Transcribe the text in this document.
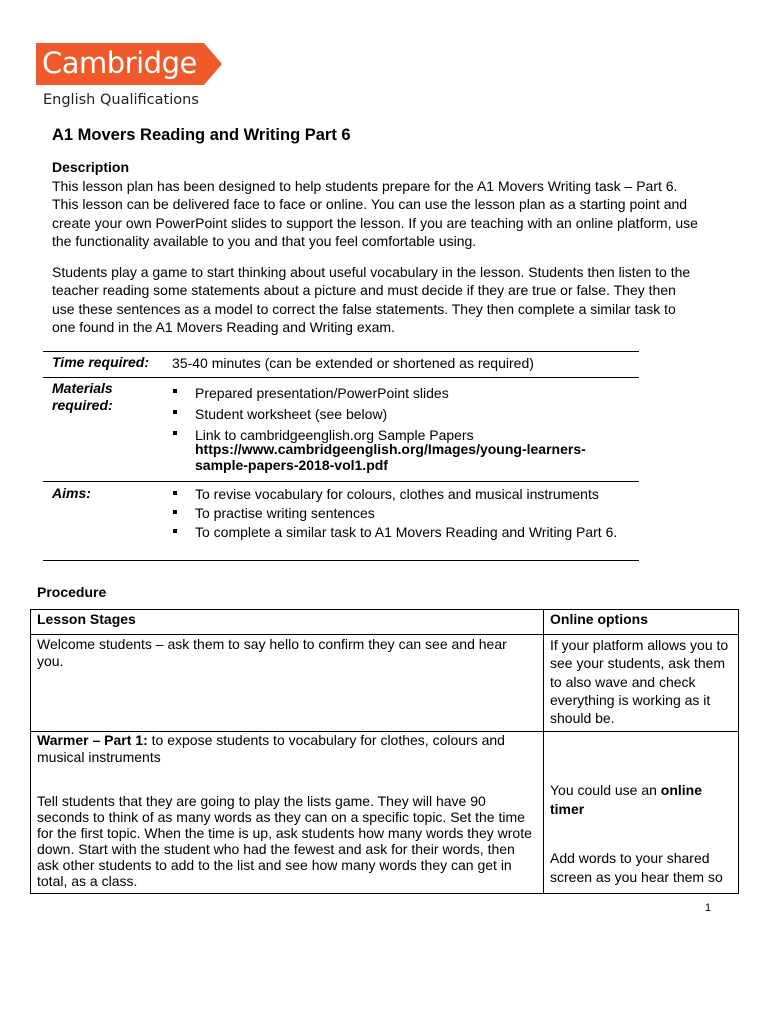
Cambridge
English Qualifications
A1 Movers Reading and Writing Part 6
Description
This lesson plan has been designed to help students prepare for the A1 Movers Writing task – Part 6. This lesson can be delivered face to face or online. You can use the lesson plan as a starting point and create your own PowerPoint slides to support the lesson. If you are teaching with an online platform, use the functionality available to you and that you feel comfortable using.
Students play a game to start thinking about useful vocabulary in the lesson. Students then listen to the teacher reading some statements about a picture and must decide if they are true or false. They then use these sentences as a model to correct the false statements. They then complete a similar task to one found in the A1 Movers Reading and Writing exam.
Time required: 35-40 minutes (can be extended or shortened as required)
Materials required:
Prepared presentation/PowerPoint slides
Student worksheet (see below)
Link to cambridgeenglish.org Sample Papers
https://www.cambridgeenglish.org/Images/young-learners-sample-papers-2018-vol1.pdf
Aims:	To revise vocabulary for colours, clothes and musical instruments
To practise writing sentences
To complete a similar task to A1 Movers Reading and Writing Part 6.
Procedure
Lesson Stages	Online options
Welcome students – ask them to say hello to confirm they can see and hear you.
If your platform allows you to see your students, ask them to also wave and check everything is working as it should be.
Warmer – Part 1: to expose students to vocabulary for clothes, colours and musical instruments
Tell students that they are going to play the lists game. They will have 90 seconds to think of as many words as they can on a specific topic. Set the time for the first topic. When the time is up, ask students how many words they wrote down. Start with the student who had the fewest and ask for their words, then ask other students to add to the list and see how many words they can get in total, as a class.
You could use an online timer
Add words to your shared screen as you hear them so
1
